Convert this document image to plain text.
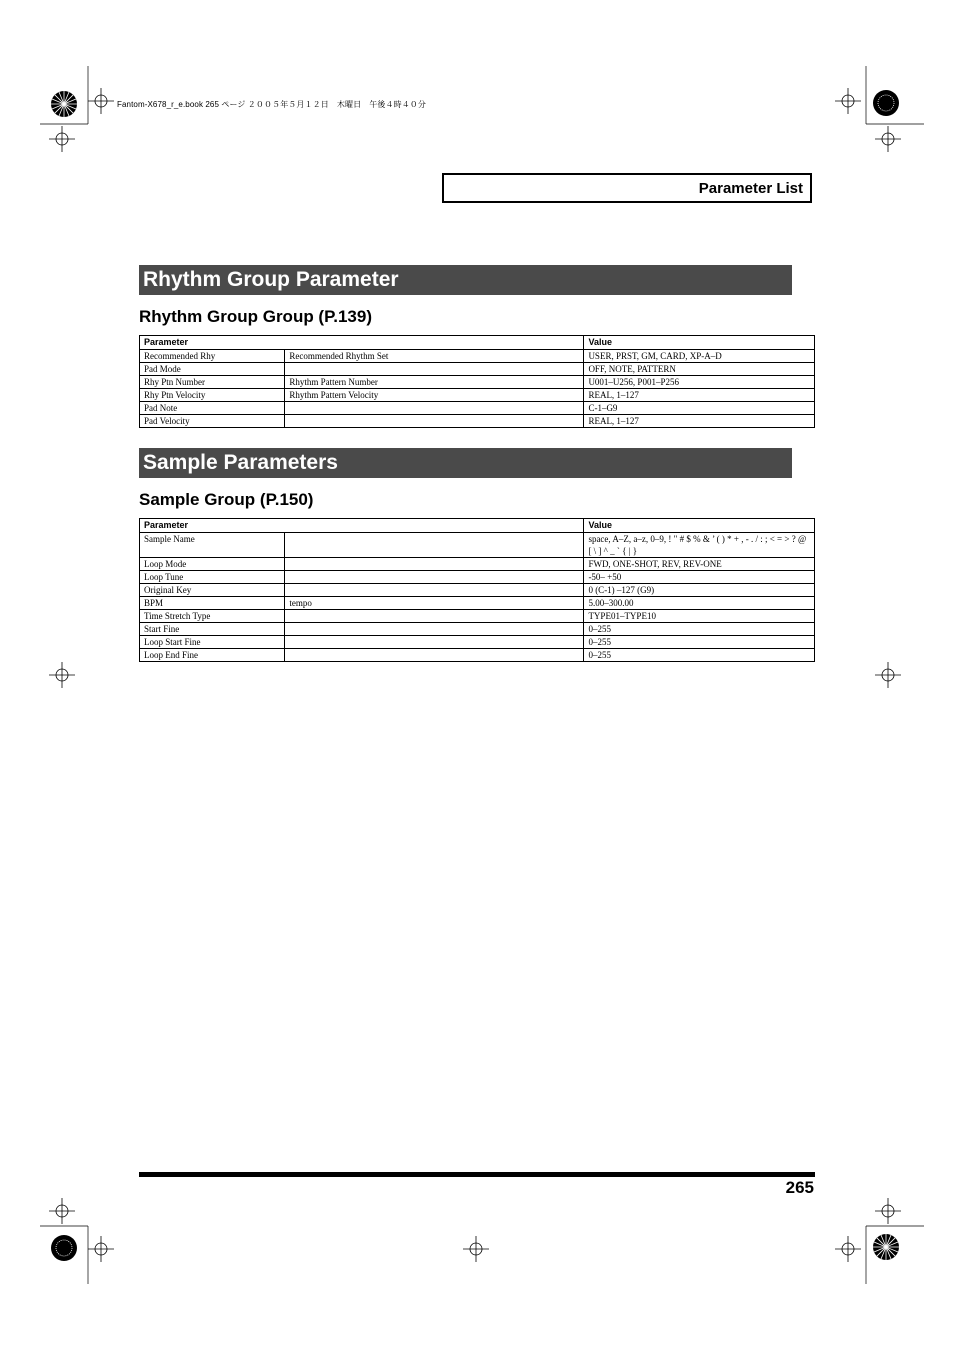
Fantom-X678_r_e.book 265 ページ ２００５年５月１２日　木曜日　午後４時４０分
Parameter List
Rhythm Group Parameter
Rhythm Group Group (P.139)
Parameter		Value
Recommended Rhy	Recommended Rhythm Set	USER, PRST, GM, CARD, XP-A–D
Pad Mode		OFF, NOTE, PATTERN
Rhy Ptn Number	Rhythm Pattern Number	U001–U256, P001–P256
Rhy Ptn Velocity	Rhythm Pattern Velocity	REAL, 1–127
Pad Note		C-1–G9
Pad Velocity		REAL, 1–127
Sample Parameters
Sample Group (P.150)
Parameter		Value
Sample Name		space, A–Z, a–z, 0–9, ! " # $ % & ’ ( ) * + , - . / : ; < = > ? @ [ \ ] ^ _ ` { | }
Loop Mode		FWD, ONE-SHOT, REV, REV-ONE
Loop Tune		-50– +50
Original Key		0 (C-1) –127 (G9)
BPM	tempo	5.00–300.00
Time Stretch Type		TYPE01–TYPE10
Start Fine		0–255
Loop Start Fine		0–255
Loop End Fine		0–255
265
